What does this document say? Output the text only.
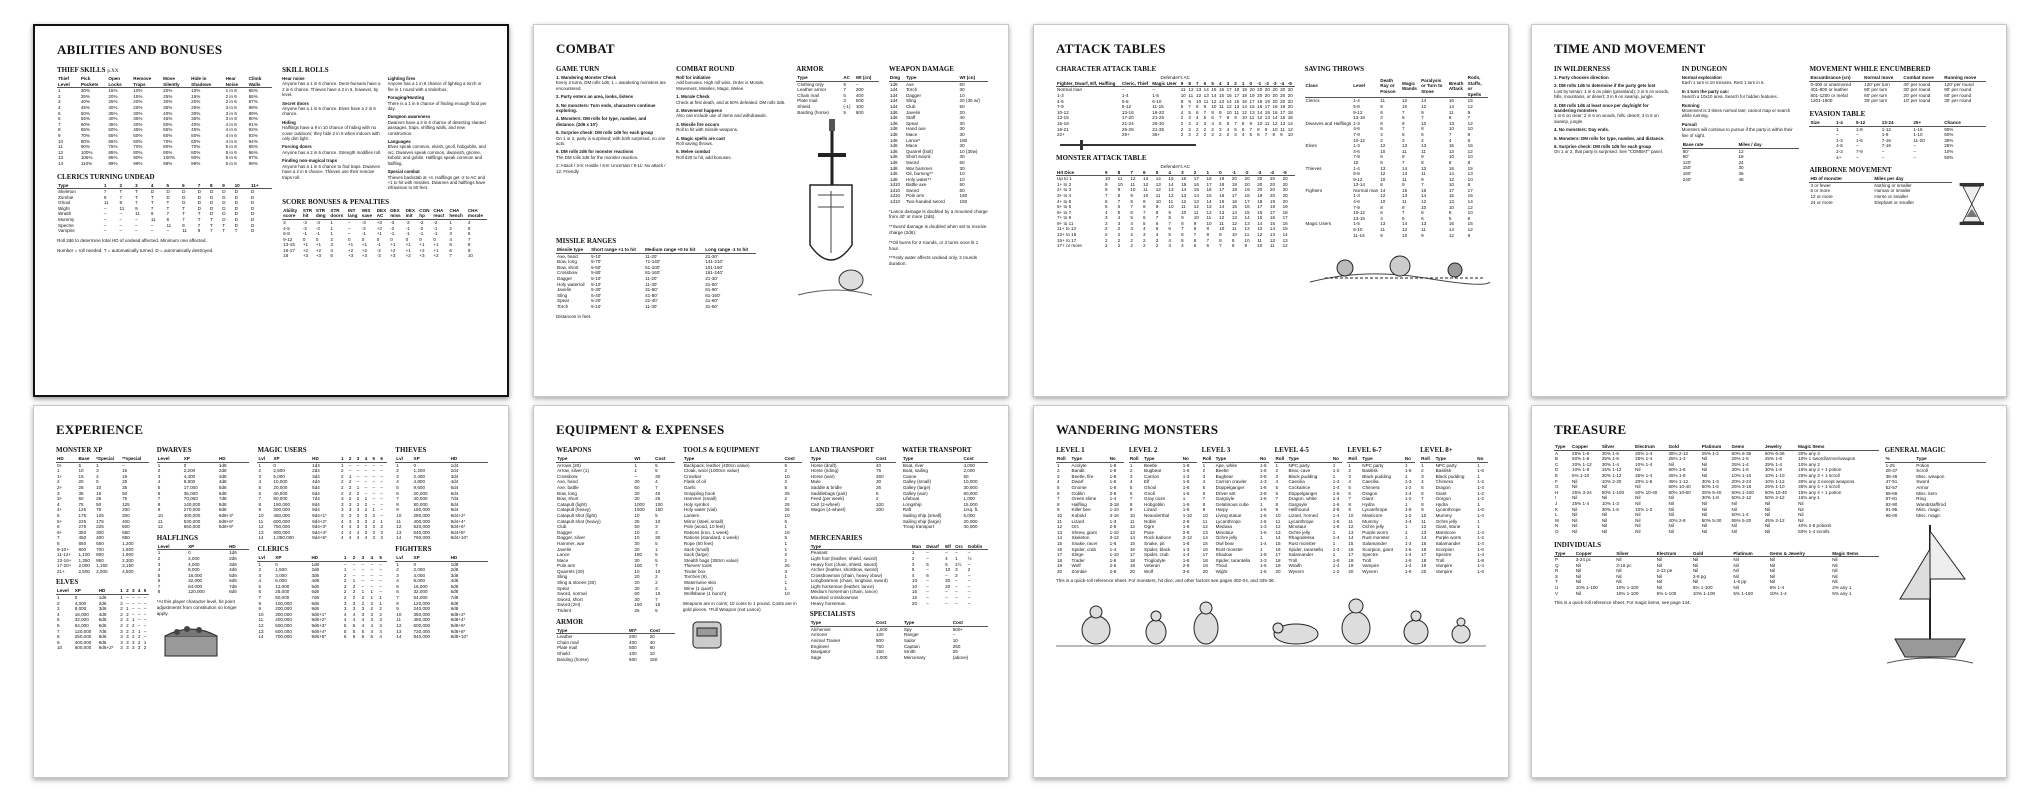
ABILITIES AND BONUSES
THIEF SKILLS p.XX
Thief Level	Pick Pockets	Open Locks	Remove Traps	Move Silently	Hide in Shadows	Hear Noise	Climb Walls
1	30%	15%	10%	20%	10%	1 in 6	85%
2	35%	20%	15%	25%	15%	2 in 6	86%
3	40%	25%	20%	30%	20%	2 in 6	87%
4	45%	30%	25%	35%	25%	3 in 6	88%
5	50%	35%	30%	40%	30%	3 in 6	89%
6	55%	40%	35%	45%	35%	3 in 6	90%
7	60%	45%	40%	50%	40%	4 in 6	91%
8	65%	50%	45%	55%	45%	4 in 6	92%
9	70%	55%	50%	60%	50%	4 in 6	93%
10	80%	65%	60%	70%	60%	4 in 6	94%
11	90%	75%	70%	80%	70%	5 in 6	95%
12	100%	85%	80%	90%	80%	5 in 6	96%
13	105%	95%	90%	100%	90%	5 in 6	97%
14	110%	99%	99%	99%	99%	5 in 6	99%
CLERICS TURNING UNDEAD
Type	1	2	3	4	5	6	7	8	9	10	11+
Skeleton	7	T	T	D	D	D	D	D	D	D	D
Zombie	9	7	T	T	D	D	D	D	D	D	D
Ghoul	11	9	7	T	T	D	D	D	D	D	D
Wight	–	11	9	7	T	T	D	D	D	D	D
Wraith	–	–	11	9	7	T	T	D	D	D	D
Mummy	–	–	–	11	9	7	T	T	D	D	D
Spectre	–	–	–	–	11	9	7	T	T	D	D
Vampire	–	–	–	–	–	11	9	7	T	T	D
Roll 2d6 to determine total HD of undead affected. Minimum one affected.
Number = roll needed. T = automatically turned. D = automatically destroyed.
SKILL ROLLS
Hear noise
Anyone has a 1 in 6 chance. Demi-humans have a 2 in 6 chance. Thieves have a 2 in 6, however, by level.
Secret doors
Anyone has a 1 in 6 chance. Elves have a 2 in 6 chance.
Hiding
Halflings have a 9 in 10 chance of hiding with no cover outdoors; they hide 2 in 6 when indoors with only dim light.
Forcing doors
Anyone has a 2 in 6 chance. Strength modifies roll.
Finding non-magical traps
Anyone has a 1 in 6 chance to find traps. Dwarves have a 2 in 6 chance. Thieves use their remove traps roll.
Lighting fires
Anyone has a 1 in 6 chance of lighting a torch or fire in 1 round with a tinderbox.
Foraging/Hunting
There is a 1 in 6 chance of finding enough food per day.
Dungeon awareness
Dwarves have a 2 in 6 chance of detecting slanted passages, traps, shifting walls, and new construction.
Languages
Elves speak common, elvish, gnoll, hobgoblin, and orc. Dwarves speak common, dwarvish, gnome, kobold, and goblin. Halflings speak common and halfling.
Special combat
Thieves backstab at +4. Halflings get -2 to AC and +1 to hit with missiles. Dwarves and halflings have infravision to 60 feet.
SCORE BONUSES & PENALTIES
Ability score	STR hit	STR dmg	STR doors	INT lang	WIS save	DEX AC	DEX miss	DEX init	CON hp	CHA react	CHA hench	CHA morale
3	-3	-3	1	–	-3	+3	-3	-2	-3	-2	1	4
4-5	-2	-2	1	–	-2	+2	-2	-1	-2	-1	2	5
6-8	-1	-1	1	–	-1	+1	-1	-1	-1	-1	3	6
9-12	0	0	2	0	0	0	0	0	0	0	4	7
13-15	+1	+1	3	+1	+1	-1	+1	+1	+1	+1	5	8
16-17	+2	+2	4	+2	+2	-2	+2	+1	+2	+1	6	9
18	+3	+3	5	+3	+3	-3	+3	+2	+3	+2	7	10
COMBAT
GAME TURN
1. Wandering Monster Check
Every 2 turns, DM rolls 1d6; 1 = wandering monsters are encountered.
2. Party enters an area, looks, listens
3. No monsters: Turn ends, characters continue exploring.
4. Monsters: DM rolls for type, number, and distance. (2d6 x 10')
5. Surprise check: DM rolls 1d6 for each group
On 1 or 2, party is surprised; with both surprised, no one acts.
6. DM rolls 2d6 for monster reactions
The DM rolls 2d6 for the monster reaction.
2: Attack / 3-5: Hostile / 6-8: Uncertain / 9-11: No attack / 12: Friendly
COMBAT ROUND
Roll for initiative
Add bonuses. High roll wins. Order is Morale, Movement, Missiles, Magic, Melee.
1. Morale Check
Check at first death, and at 50% defeated. DM rolls 2d6.
2. Movement happens
Also can include use of items and withdrawals.
3. Missile fire occurs
Roll to hit with missile weapons.
4. Magic spells are cast
Roll saving throws.
5. Melee combat
Roll d20 to hit, add bonuses.
ARMOR
Type	AC	Wt (cn)
Clothing only	9	–
Leather armor	7	200
Chain mail	5	400
Plate mail	3	500
Shield	(-1)	100
Barding (horse)	5	600
WEAPON DAMAGE
Dmg	Type	Wt (cn)
1d6	Axe	60
1d4	Torch	30
1d4	Dagger	10
1d4	Sling	20 (30 w/)
1d4	Club	50
1d6	Javelin	20
1d6	Staff	40
1d6	Spear	30
1d8	Hand axe	30
1d8	Mace	30
1d6	Lance*	180
1d6	Mace	30
1d6	Quarrel (bolt)	10 (30w)
1d6	Short sword	30
1d6	Sword	60
1d8	War hammer	30
1d6	Oil, burning**	10
1d8	Holy water**	10
1d10	Battle axe	50
1d10	Sword	60
1d10	Pole arm	150
1d10	Two-handed sword	150
*Lance damage is doubled by a mounted charge from 40' or more (2d6).
**Sword damage is doubled when set to receive charge (2d6).
**Oil burns for 2 rounds, or 3 turns once lit 1 hour.
***Holy water affects undead only, 2 rounds duration.
MISSILE RANGES
Missile type	Short range +1 to hit	Medium range +0 to hit	Long range -1 to hit
Axe, hand	5-10'	11-20'	21-30'
Bow, long	5-70'	71-140'	141-210'
Bow, short	5-50'	51-100'	101-150'
Crossbow	5-80'	81-160'	161-240'
Dagger	5-10'	11-20'	21-30'
Holy water/oil	5-10'	11-30'	31-50'
Javelin	5-30'	31-60'	61-90'
Sling	5-40'	41-80'	81-160'
Spear	5-20'	21-40'	41-60'
Torch	5-10'	11-30'	31-50'
Distances in feet.
ATTACK TABLES
CHARACTER ATTACK TABLE
Defender's AC
Fighter, Dwarf, Elf, Halfling	Cleric, Thief	Magic User	9	8	7	6	5	4	3	2	1	0	-1	-2	-3	-4	-5
Normal man	–	–	11	12	13	14	15	16	17	18	19	20	20	20	20	20	20
1-3	1-4	1-5	10	11	12	13	14	15	16	17	18	19	20	20	20	20	20
4-6	5-8	6-10	8	9	10	11	12	13	14	15	16	17	18	19	20	20	20
7-9	9-12	11-15	6	7	8	9	10	11	12	13	14	15	16	17	18	19	20
10-12	13-16	16-20	4	5	6	7	8	9	10	11	12	13	14	15	16	17	18
13-15	17-20	21-25	2	3	4	5	6	7	8	9	10	11	12	13	14	15	16
16-18	21-24	26-30	2	2	2	3	4	5	6	7	8	9	10	11	12	13	14
19-21	25-28	31-35	2	2	2	2	2	3	4	5	6	7	8	9	10	11	12
22+	29+	36+	2	2	2	2	2	2	2	3	4	5	6	7	8	9	10
MONSTER ATTACK TABLE
Defender's AC
Hit Dice	9	8	7	6	5	4	3	2	1	0	-1	-2	-3	-4	-5
Up to 1	10	11	12	13	14	15	16	17	18	19	20	20	20	20	20
1+ to 2	9	10	11	12	13	14	15	16	17	18	19	20	20	20	20
2+ to 3	8	9	10	11	12	13	14	15	16	17	18	19	20	20	20
3+ to 4	7	8	9	10	11	12	13	14	15	16	17	18	19	20	20
4+ to 5	6	7	8	9	10	11	12	13	14	15	16	17	18	19	20
5+ to 6	5	6	7	8	9	10	11	12	13	14	15	16	17	18	19
6+ to 7	4	5	6	7	8	9	10	11	12	13	14	15	16	17	18
7+ to 9	3	4	5	6	7	8	9	10	11	12	13	14	15	16	17
9+ to 11	2	3	4	5	6	7	8	9	10	11	12	13	14	15	16
11+ to 13	2	2	3	4	5	6	7	8	9	10	11	12	13	14	15
13+ to 15	2	2	2	3	4	5	6	7	8	9	10	11	12	13	14
15+ to 17	2	2	2	2	3	4	5	6	7	8	9	10	11	12	13
17+ or more	2	2	2	2	2	3	4	5	6	7	8	9	10	11	12
SAVING THROWS
Class	Level	Death Ray or Poison	Magic Wands	Paralysis or Turn to Stone	Breath Attack	Rods, Staffs, or Spells
Clerics	1-4	11	12	14	16	15
	5-8	9	10	12	14	12
	9-12	6	7	9	11	9
	13-16	3	5	7	8	7
Dwarves and Halflings	1-3	8	9	10	13	12
	4-6	6	7	8	10	10
	7-9	4	5	6	7	8
	10-12	2	3	4	4	6
Elves	1-3	12	13	13	15	15
	4-6	10	11	11	13	12
	7-9	8	9	9	10	10
	10	6	7	8	8	8
Thieves	1-4	13	14	13	16	15
	5-8	12	13	11	14	13
	9-12	10	11	9	12	10
	13-14	8	9	7	10	8
Fighters	Normal man	14	15	16	17	17
	1-3	12	13	14	15	16
	4-6	10	11	12	13	14
	7-9	8	9	10	10	12
	10-12	6	7	8	8	10
	13-15	4	5	6	5	8
Magic Users	1-5	13	14	13	16	15
	6-10	11	12	11	14	12
	11-15	9	10	9	12	9
TIME AND MOVEMENT
IN WILDERNESS
1. Party chooses direction
2. DM rolls 1d6 to determine if the party gets lost
Lost by terrain: 1 in 6 on plain (grassland); 2 in 6 on woods, hills, mountains, or desert; 3 in 6 on swamp, jungle.
3. DM rolls 1d6 at least once per day/night for wandering monsters
1 in 6 on clear; 2 in 6 on woods, hills, desert; 3 in 6 on swamp, jungle.
4. No monsters: Day ends.
5. Monsters: DM rolls for type, number, and distance.
6. Surprise check: DM rolls 1d6 for each group
On 1 or 2, that party is surprised. See "COMBAT" panel.
IN DUNGEON
Normal exploration
Each 1 turn is 10 minutes. Rest 1 turn in 6.
In 1 turn the party can:
Search a 10x10 area. Search for hidden features.
Running
Movement is 3 times normal rate; cannot map or search while running.
Pursuit
Monsters will continue to pursue if the party is within their line of sight.
Base rate	Miles / day
60'	12
90'	18
120'	24
150'	30
180'	36
240'	48
MOVEMENT WHILE ENCUMBERED
Encumbrance (cn)	Normal move	Combat move	Running move
0-400 or unarmored	120' per turn	40' per round	120' per round
401-800 or leather	90' per turn	30' per round	90' per round
801-1200 or metal	60' per turn	20' per round	60' per round
1201-1600	30' per turn	10' per round	30' per round
EVASION TABLE
Size	1-4	5-12	13-24	25+	Chance
	1	1-8	1-12	1-16	90%
	–	–	1-6	1-10	50%
	1-3	1-6	7-16	11-20	35%
	4-6	–	7-16	–	25%
	2-3	7-9	–	–	10%
	4+	–	–	–	50%
AIRBORNE MOVEMENT
HD of monster	Miles per day
3 or fewer	Nothing or smaller
6 or more	Human or smaller
12 or more	Horse or smaller
24 or more	Elephant or smaller
EXPERIENCE
MONSTER XP
HD	Base	*Special	**special
0+	5	1	–
1	10	3	16
1+	15	4	19
2	20	5	25
2+	25	10	35
3	35	15	50
3+	50	25	75
4	75	50	125
4+	125	75	200
5	175	125	300
5+	225	175	400
6	275	225	500
6+	350	300	650
7	450	400	850
8	650	550	1,200
9-10+	900	700	1,600
11-12+	1,100	800	1,900
13-16+	1,350	950	2,300
17-20+	2,000	1,150	3,150
21+	2,500	2,000	4,500
ELVES
Level	XP	HD	1	2	3	4	5
1	0	1d6	1	–	–	–	–
2	4,000	2d6	2	–	–	–	–
3	8,000	3d6	2	1	–	–	–
4	16,000	4d6	2	2	–	–	–
5	32,000	5d6	2	2	1	–	–
6	64,000	6d6	2	2	2	–	–
7	120,000	7d6	3	2	2	1	–
8	250,000	8d6	3	3	2	2	–
9	400,000	9d6	3	3	3	2	1
10	600,000	9d6+2*	3	3	3	3	2
DWARVES
Level	XP	HD
1	0	1d8
2	2,200	2d8
3	4,400	3d8
4	8,800	4d8
5	17,000	5d8
6	35,000	6d8
7	70,000	7d8
8	140,000	8d8
9	270,000	9d8
10	400,000	9d8+3*
11	530,000	9d8+6*
12	660,000	9d8+9*
HALFLINGS
Level	XP	HD
1	0	1d6
2	2,000	2d6
3	4,000	3d6
4	8,000	4d6
5	16,000	5d6
6	32,000	6d6
7	64,000	7d6
8	120,000	8d6
*At this player character level, hit point adjustments from constitution no longer apply.
MAGIC USERS
Lvl	XP	HD	1	2	3	4	5	6
1	0	1d4	1	–	–	–	–	–
2	2,500	2d4	2	–	–	–	–	–
3	5,000	3d4	2	1	–	–	–	–
4	10,000	4d4	2	2	–	–	–	–
5	20,000	5d4	2	2	1	–	–	–
6	40,000	6d4	2	2	2	–	–	–
7	80,000	7d4	3	2	2	1	–	–
8	150,000	8d4	3	3	2	2	–	–
9	300,000	9d4	3	3	3	2	1	–
10	450,000	9d4+1*	3	3	3	3	2	–
11	600,000	9d4+2*	4	3	3	3	2	1
12	750,000	9d4+3*	4	4	3	3	3	2
13	900,000	9d4+4*	4	4	4	3	3	3
14	1,050,000	9d4+5*	4	4	4	4	3	3
CLERICS
Lvl	XP	HD	1	2	3	4	5
1	0	1d6	–	–	–	–	–
2	1,500	2d6	1	–	–	–	–
3	3,000	3d6	2	–	–	–	–
4	6,000	4d6	2	1	–	–	–
5	12,000	5d6	2	2	–	–	–
6	25,000	6d6	2	2	1	1	–
7	50,000	7d6	2	2	2	1	1
8	100,000	8d6	3	3	2	2	1
9	200,000	9d6	3	3	3	2	2
10	300,000	9d6+1*	4	4	3	3	2
11	400,000	9d6+2*	4	4	4	3	3
12	500,000	9d6+3*	5	5	4	4	3
13	600,000	9d6+4*	5	5	5	4	4
14	700,000	9d6+5*	6	5	5	5	4
THIEVES
Lvl	XP	HD
1	0	1d4
2	1,200	2d4
3	2,400	3d4
4	4,800	4d4
5	9,600	5d4
6	20,000	6d4
7	40,000	7d4
8	80,000	8d4
9	160,000	9d4
10	280,000	9d4+2*
11	400,000	9d4+4*
12	520,000	9d4+6*
13	640,000	9d4+8*
14	760,000	9d4+10*
FIGHTERS
Lvl	XP	HD
1	0	1d8
2	2,000	2d8
3	4,000	3d8
4	8,000	4d8
5	16,000	5d8
6	32,000	6d8
7	64,000	7d8
8	120,000	8d8
9	240,000	9d8
10	360,000	9d8+2*
11	480,000	9d8+4*
12	600,000	9d8+6*
13	720,000	9d8+8*
14	840,000	9d8+10*
EQUIPMENT & EXPENSES
WEAPONS
Type	Wt	Cost
Arrows (20)	1	5
Arrow, silver (1)	1	5
Crossbow	–	30
Axe, hand	30	4
Axe, battle	60	7
Bow, long	30	40
Bow, short	30	25
Catapult (light)	1000	100
Catapult (heavy)	1500	150
Catapult shot (light)	10	5
Catapult shot (heavy)	25	10
Club	50	3
Dagger	10	3
Dagger, silver	10	30
Hammer, war	30	5
Javelin	20	1
Lance	180	5
Mace	30	5
Pole arm	150	7
Quarrels (30)	10	10
Sling	20	2
Sling & stones (30)	20	2
Spear	30	3
Sword, normal	60	10
Sword, short	30	7
Sword (2H)	150	15
Trident	25	5
ARMOR
Type	Wt*	Cost
Leather	200	20
Chain mail	400	40
Plate mail	500	60
Shield	100	10
Barding (horse)	600	150
TOOLS & EQUIPMENT
Type	Cost
Backpack, leather (400cn value)	5
Cloak, wool (1000cn value)	2
Crowbar	10
Flask of oil	2
Garlic	5
Grappling hook	25
Hammer (small)	2
Holy symbol	25
Holy water (vial)	25
Lantern	10
Mirror (steel, small)	5
Pole (wood, 10 feet)	1
Rations (iron, 1 week)	15
Rations (standard, 1 week)	5
Rope (50 feet)	1
Sack (small)	1
Sack (large)	2
Stealth bags (300cn value)	2
Thieves' tools	25
Tinder box	3
Torches (6)	1
Water/wine skin	1
Wine (1 quart)	1
Wolfsbane (1 bunch)	10
Weapons are in coins; 10 coins to 1 pound. Costs are in gold pieces. *Full Weapon (not Lance)
LAND TRANSPORT
Type	Cost
Horse (draft)	40
Horse (riding)	75
Horse (war)	250
Mule	30
Saddle & bridle	25
Saddlebags (pair)	5
Feed (per week)	2
Cart (2-wheel)	100
Wagon (4-wheel)	200
WATER TRANSPORT
Type	Cost
Boat, river	4,000
Boat, sailing	2,000
Canoe	50
Galley (small)	10,000
Galley (large)	30,000
Galley (war)	60,000
Lifeboat	1,000
Longship	15,000
Raft	1/sq. ft.
Sailing ship (small)	5,000
Sailing ship (large)	20,000
Troop transport	40,000
MERCENARIES
Type	Man	Dwarf	Elf	Orc	Goblin
Peasant	1	–	–	–	–
Light foot (leather, shield, sword)	2	–	4	1	½
Heavy foot (chain, shield, sword)	3	5	6	1½	–
Archer (leather, shortbow, sword)	5	–	10	3	2
Crossbowman (chain, heavy xbow)	4	6	–	2	–
Longbowman (chain, longbow, sword)	10	–	20	–	–
Light horseman (leather, lance)	10	–	20	–	–
Medium horseman (chain, lance)	15	–	–	–	–
Mounted crossbowman	15	–	–	–	–
Heavy horseman	20	–	–	–	–
SPECIALISTS
Type	Cost	Type	Cost
Alchemist	1,000	Spy	500+
Armorer	100	Ranger	–
Animal Trainer	500	Sailor	10
Engineer	750	Captain	250
Navigator	150	Smith	25
Sage	2,000	Mercenary	(above)
WANDERING MONSTERS
LEVEL 1
Roll	Type	No
1	Acolyte	1-8
2	Bandit	1-8
3	Beetle, fire	1-8
4	Dwarf	1-6
5	Gnome	1-6
6	Goblin	2-8
7	Green slime	1-4
8	Halfling	3-18
9	Killer bee	1-10
10	Kobold	4-16
11	Lizard	1-3
12	Orc	2-8
13	Shrew, giant	1-10
14	Skeleton	3-12
15	Snake, racer	1-6
16	Spider, crab	1-4
17	Stirge	1-10
18	Trader	1-8
19	Wolf	2-6
20	Zombie	2-8
LEVEL 2
Roll	Type	No
1	Beetle	1-8
2	Bugbear	1-6
3	Carrion	1-3
4	Elf	1-6
5	Ghoul	1-6
6	Gnoll	1-6
7	Gray ooze	1
8	Hobgoblin	1-6
9	Lizard	1-6
10	Neanderthal	1-10
11	Noble	2-8
12	Ogre	1-6
13	Pixie	2-8
14	Rock baboon	2-12
15	Snake, pit	1-8
16	Spider, black	1-3
17	Spider, crab	1-4
18	Troglodyte	1-8
19	Veteran	2-8
20	Wolf	3-6
LEVEL 3
Roll	Type	No
1	Ape, white	1-6
2	Beetle	1-6
3	Bugbear	2-8
4	Carrion crawler	1-3
5	Doppelganger	1-6
6	Driver ant	2-8
7	Gargoyle	1-6
8	Gelatinous cube	1
9	Harpy	1-6
10	Living statue	1-6
11	Lycanthrope	1-6
12	Medusa	1-3
13	Minotaur	1-6
14	Ochre jelly	1
15	Owl bear	1-4
16	Rust monster	1
17	Shadow	1-8
18	Spider, tarantella	1-3
19	Thoul	1-6
20	Wight	1-6
LEVEL 4-5
Roll	Type	No
1	NPC party	1
2	Bear, cave	1-2
3	Black pudding	1
4	Caecilia	1-3
5	Cockatrice	1-4
6	Doppelganger	1-6
7	Dragon, white	1-4
8	Gargoyle	1-6
9	Hellhound	2-8
10	Lizard, horned	1-4
11	Lycanthrope	1-6
12	Minotaur	1-6
13	Ochre jelly	1
14	Rhagodessa	1-4
15	Rust monster	1
16	Spider, tarantella	1-3
17	Salamander	1
18	Troll	1-8
19	Wraith	1-4
20	Wyvern	1-2
LEVEL 6-7
Roll	Type	No
1	NPC party	1
2	Basilisk	1-6
3	Black pudding	1
4	Caecilia	1-3
5	Chimera	1-2
6	Dragon	1-4
7	Giant	1-2
8	Hydra	1
9	Lycanthrope	1-6
10	Manticore	1-2
11	Mummy	1-4
12	Ochre jelly	1
13	Purple worm	1
14	Rust monster	1
15	Salamander	1-3
16	Scorpion, giant	1-6
17	Spectre	1-4
18	Troll	1-8
19	Vampire	1-4
20	Wyvern	1-6
LEVEL 8+
Roll	Type	No
1	NPC party	1
2	Basilisk	1-6
3	Black pudding	1
4	Chimera	1-2
5	Dragon	1-4
6	Giant	1-2
7	Gorgon	1-2
8	Hydra	1
9	Lycanthrope	1-6
10	Mummy	1-4
11	Ochre jelly	1
12	Giant, stone	1
13	Manticore	1-4
14	Purple worm	1-2
15	Salamander	1-4
16	Scorpion	1-6
17	Spectre	1-4
18	Troll	1-8
19	Vampire	1-4
20	Vampire	1-6
This is a quick-roll reference sheet. For monsters, hit dice, and other factors see pages 302-04, and 335-36.
TREASURE
Type	Copper	Silver	Electrum	Gold	Platinum	Gems	Jewelry	Magic Items
A	25% 1-6	30% 1-6	20% 1-4	35% 2-12	25% 1-2	50% 6-36	50% 6-36	30% any 3
B	50% 1-8	25% 1-6	25% 1-4	25% 1-3	Nil	25% 1-6	25% 1-6	10% 1 sword/armor/weapon
C	20% 1-12	30% 1-4	10% 1-4	Nil	Nil	25% 1-4	25% 1-4	10% any 2
D	10% 1-8	15% 1-12	Nil	60% 1-6	Nil	30% 1-8	30% 1-8	15% any 2 + 1 potion
E	5% 1-10	30% 1-12	25% 1-4	25% 1-8	Nil	10% 1-10	10% 1-10	25% any 3 + 1 scroll
F	Nil	10% 2-20	20% 1-8	45% 1-12	30% 1-3	20% 2-24	10% 1-12	30% any 3 except weapons
G	Nil	Nil	Nil	50% 10-40	50% 1-6	25% 3-18	25% 1-10	35% any 4 + 1 scroll
H	25% 3-24	50% 1-100	50% 10-40	50% 10-60	25% 5-40	50% 1-100	50% 10-40	15% any 4 + 1 potion
I	Nil	Nil	Nil	Nil	30% 1-8	50% 2-12	50% 2-12	15% any 1
J	25% 1-4	10% 1-3	Nil	Nil	Nil	Nil	Nil	Nil
K	Nil	30% 1-6	10% 1-2	Nil	Nil	Nil	Nil	Nil
L	Nil	Nil	Nil	Nil	Nil	50% 1-4	Nil	Nil
M	Nil	Nil	Nil	40% 2-8	50% 5-30	55% 5-20	45% 2-12	Nil
N	Nil	Nil	Nil	Nil	Nil	Nil	Nil	40% 2-8 potions
O	Nil	Nil	Nil	Nil	Nil	Nil	Nil	50% 1-4 scrolls
INDIVIDUALS
Type	Copper	Silver	Electrum	Gold	Platinum	Gems & Jewelry	Magic Items
P	3-24 pc	Nil	Nil	Nil	Nil	Nil	Nil
Q	Nil	3-18 pc	Nil	Nil	Nil	Nil	Nil
R	Nil	Nil	2-12 pe	Nil	Nil	Nil	Nil
S	Nil	Nil	Nil	2-8 pg	Nil	Nil	Nil
T	Nil	Nil	Nil	Nil	1-6 pp	Nil	Nil
U	10% 1-100	10% 1-100	Nil	5% 1-100	Nil	5% 1-4	2% any 1
V	Nil	10% 1-100	5% 1-100	10% 1-100	5% 1-100	10% 1-4	5% any 1
This is a quick-roll reference sheet. For magic items, see page 144.
GENERAL MAGIC
%	Type
1-25	Potion
26-37	Scroll
38-46	Misc. weapon
47-51	Sword
52-57	Armor
58-66	Misc. item
67-81	Ring
82-90	Wand/staff/rod
91-95	Misc. magic
96-00	Misc. magic
